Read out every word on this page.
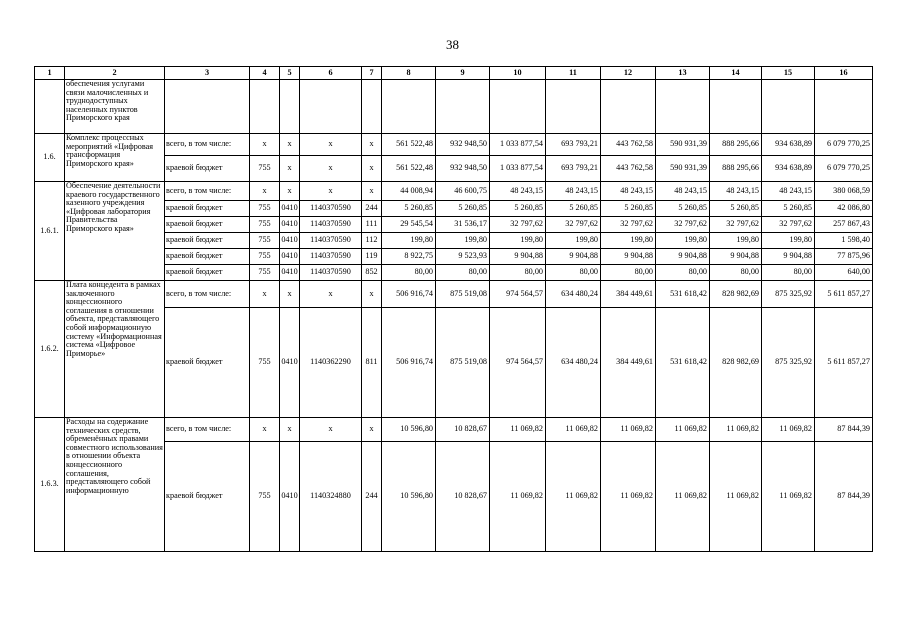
38
1	2	3	4	5	6	7	8	9	10	11	12	13	14	15	16
	обеспечения услугами связи малочисленных и труднодоступных населенных пунктов Приморского края														
1.6.	Комплекс процессных мероприятий «Цифровая трансформация Приморского края»	всего, в том числе:	x	x	x	x	561 522,48	932 948,50	1 033 877,54	693 793,21	443 762,58	590 931,39	888 295,66	934 638,89	6 079 770,25
		краевой бюджет	755	x	x	x	561 522,48	932 948,50	1 033 877,54	693 793,21	443 762,58	590 931,39	888 295,66	934 638,89	6 079 770,25
1.6.1.	Обеспечение деятельности краевого государственного казенного учреждения «Цифровая лаборатория Правительства Приморского края»	всего, в том числе:	x	x	x	x	44 008,94	46 600,75	48 243,15	48 243,15	48 243,15	48 243,15	48 243,15	48 243,15	380 068,59
		краевой бюджет	755	0410	1140370590	244	5 260,85	5 260,85	5 260,85	5 260,85	5 260,85	5 260,85	5 260,85	5 260,85	42 086,80
		краевой бюджет	755	0410	1140370590	111	29 545,54	31 536,17	32 797,62	32 797,62	32 797,62	32 797,62	32 797,62	32 797,62	257 867,43
		краевой бюджет	755	0410	1140370590	112	199,80	199,80	199,80	199,80	199,80	199,80	199,80	199,80	1 598,40
		краевой бюджет	755	0410	1140370590	119	8 922,75	9 523,93	9 904,88	9 904,88	9 904,88	9 904,88	9 904,88	9 904,88	77 875,96
		краевой бюджет	755	0410	1140370590	852	80,00	80,00	80,00	80,00	80,00	80,00	80,00	80,00	640,00
1.6.2.	Плата концедента в рамках заключенного концессионного соглашения в отношении объекта, представляющего собой информационную систему «Информационная система «Цифровое Приморье»	всего, в том числе:	x	x	x	x	506 916,74	875 519,08	974 564,57	634 480,24	384 449,61	531 618,42	828 982,69	875 325,92	5 611 857,27
		краевой бюджет	755	0410	1140362290	811	506 916,74	875 519,08	974 564,57	634 480,24	384 449,61	531 618,42	828 982,69	875 325,92	5 611 857,27
1.6.3.	Расходы на содержание технических средств, обременённых правами совместного использования в отношении объекта концессионного соглашения, представляющего собой информационную	всего, в том числе:	x	x	x	x	10 596,80	10 828,67	11 069,82	11 069,82	11 069,82	11 069,82	11 069,82	11 069,82	87 844,39
		краевой бюджет	755	0410	1140324880	244	10 596,80	10 828,67	11 069,82	11 069,82	11 069,82	11 069,82	11 069,82	11 069,82	87 844,39
